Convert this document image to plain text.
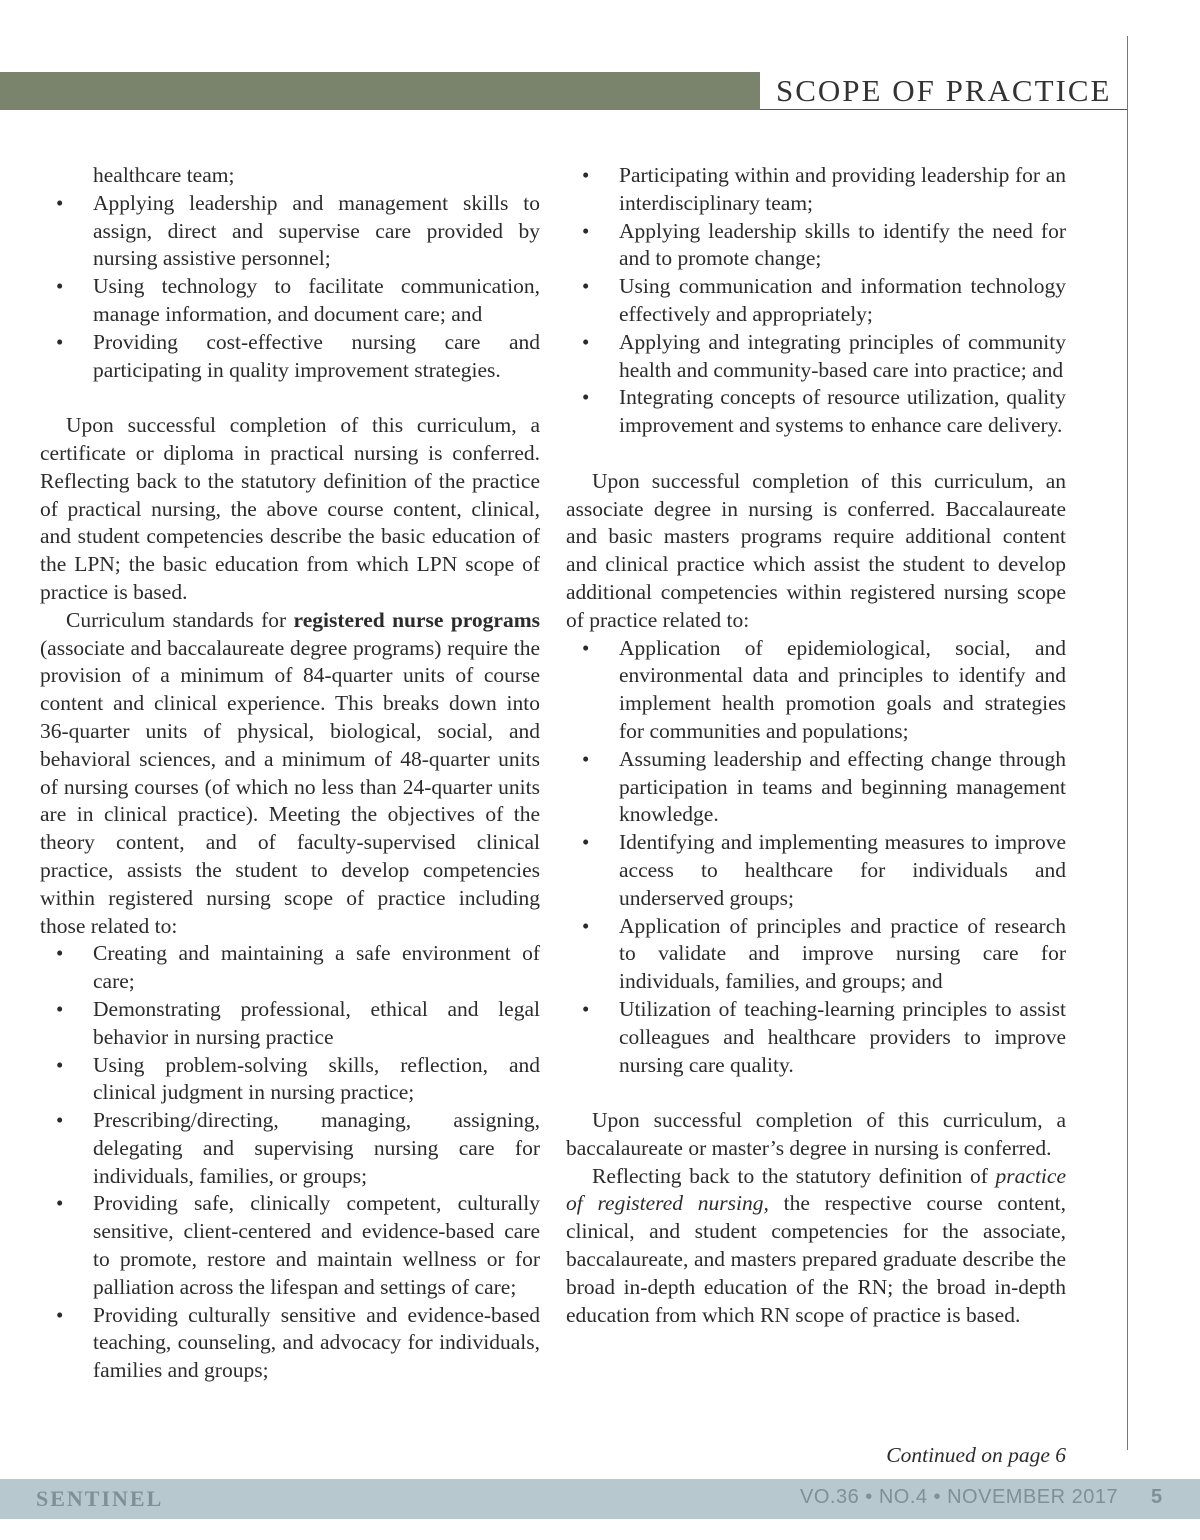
SCOPE OF PRACTICE
healthcare team;
• Applying leadership and management skills to assign, direct and supervise care provided by nursing assistive personnel;
• Using technology to facilitate communication, manage information, and document care; and
• Providing cost-effective nursing care and participating in quality improvement strategies.

Upon successful completion of this curriculum, a certificate or diploma in practical nursing is conferred. Reflecting back to the statutory definition of the practice of practical nursing, the above course content, clinical, and student competencies describe the basic education of the LPN; the basic education from which LPN scope of practice is based.

Curriculum standards for registered nurse programs (associate and baccalaureate degree programs) require the provision of a minimum of 84-quarter units of course content and clinical experience. This breaks down into 36-quarter units of physical, biological, social, and behavioral sciences, and a minimum of 48-quarter units of nursing courses (of which no less than 24-quarter units are in clinical practice). Meeting the objectives of the theory content, and of faculty-supervised clinical practice, assists the student to develop competencies within registered nursing scope of practice including those related to:

• Creating and maintaining a safe environment of care;
• Demonstrating professional, ethical and legal behavior in nursing practice
• Using problem-solving skills, reflection, and clinical judgment in nursing practice;
• Prescribing/directing, managing, assigning, delegating and supervising nursing care for individuals, families, or groups;
• Providing safe, clinically competent, culturally sensitive, client-centered and evidence-based care to promote, restore and maintain wellness or for palliation across the lifespan and settings of care;
• Providing culturally sensitive and evidence-based teaching, counseling, and advocacy for individuals, families and groups;
• Participating within and providing leadership for an interdisciplinary team;
• Applying leadership skills to identify the need for and to promote change;
• Using communication and information technology effectively and appropriately;
• Applying and integrating principles of community health and community-based care into practice; and
• Integrating concepts of resource utilization, quality improvement and systems to enhance care delivery.

Upon successful completion of this curriculum, an associate degree in nursing is conferred. Baccalaureate and basic masters programs require additional content and clinical practice which assist the student to develop additional competencies within registered nursing scope of practice related to:

• Application of epidemiological, social, and environmental data and principles to identify and implement health promotion goals and strategies for communities and populations;
• Assuming leadership and effecting change through participation in teams and beginning management knowledge.
• Identifying and implementing measures to improve access to healthcare for individuals and underserved groups;
• Application of principles and practice of research to validate and improve nursing care for individuals, families, and groups; and
• Utilization of teaching-learning principles to assist colleagues and healthcare providers to improve nursing care quality.

Upon successful completion of this curriculum, a baccalaureate or master’s degree in nursing is conferred.

Reflecting back to the statutory definition of practice of registered nursing, the respective course content, clinical, and student competencies for the associate, baccalaureate, and masters prepared graduate describe the broad in-depth education of the RN; the broad in-depth education from which RN scope of practice is based.

Continued on page 6
SENTINEL	VO.36 • NO.4 • NOVEMBER 2017 5
